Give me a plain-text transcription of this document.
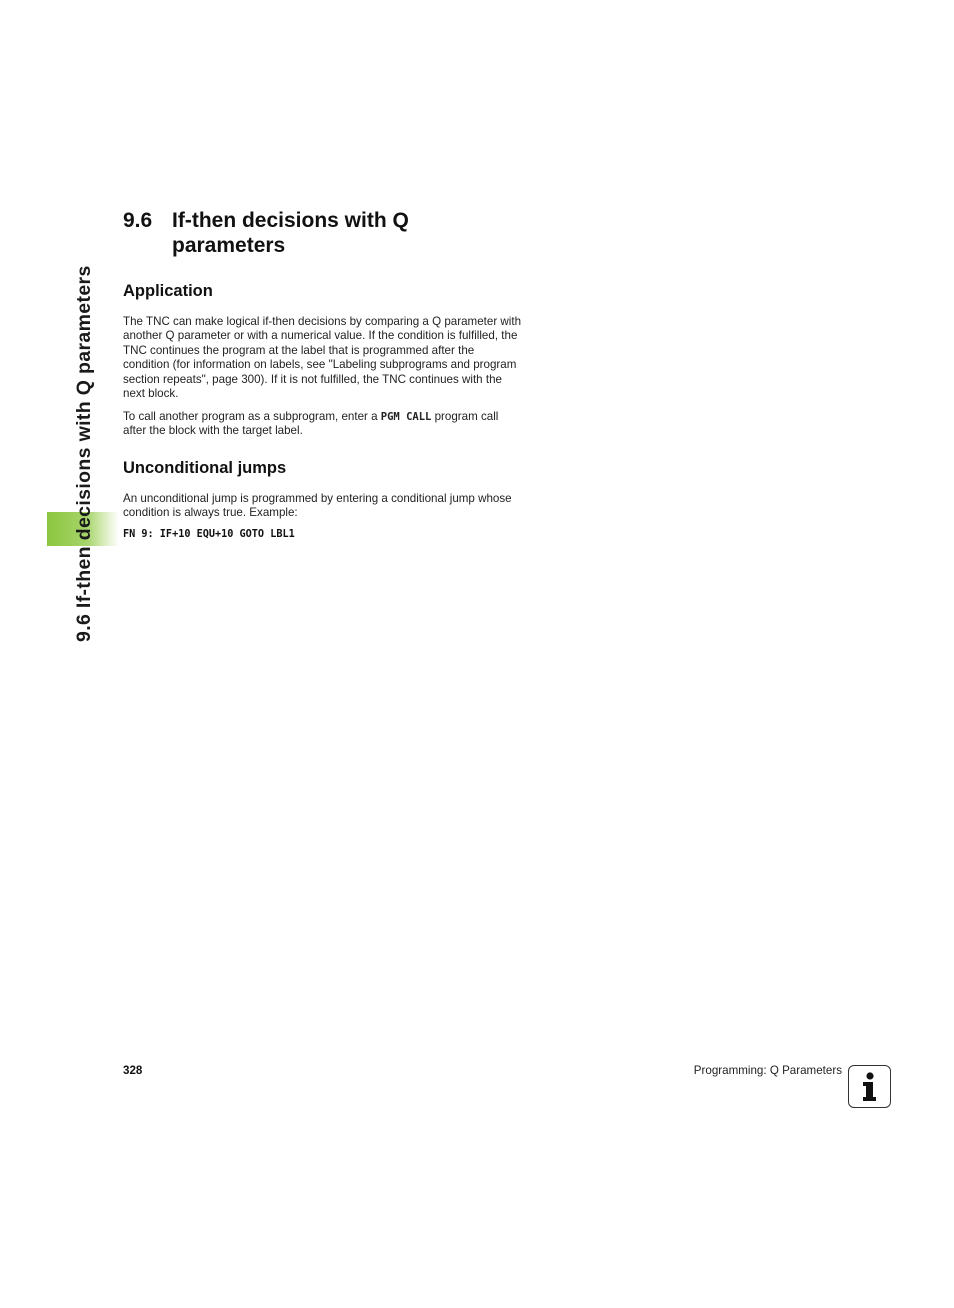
9.6 If-then decisions with Q parameters
9.6 If-then decisions with Q parameters
Application

The TNC can make logical if-then decisions by comparing a Q parameter with another Q parameter or with a numerical value. If the condition is fulfilled, the TNC continues the program at the label that is programmed after the condition (for information on labels, see "Labeling subprograms and program section repeats", page 300). If it is not fulfilled, the TNC continues with the next block.

To call another program as a subprogram, enter a PGM CALL program call after the block with the target label.

Unconditional jumps

An unconditional jump is programmed by entering a conditional jump whose condition is always true. Example:

FN 9: IF+10 EQU+10 GOTO LBL1
328	Programming: Q Parameters
